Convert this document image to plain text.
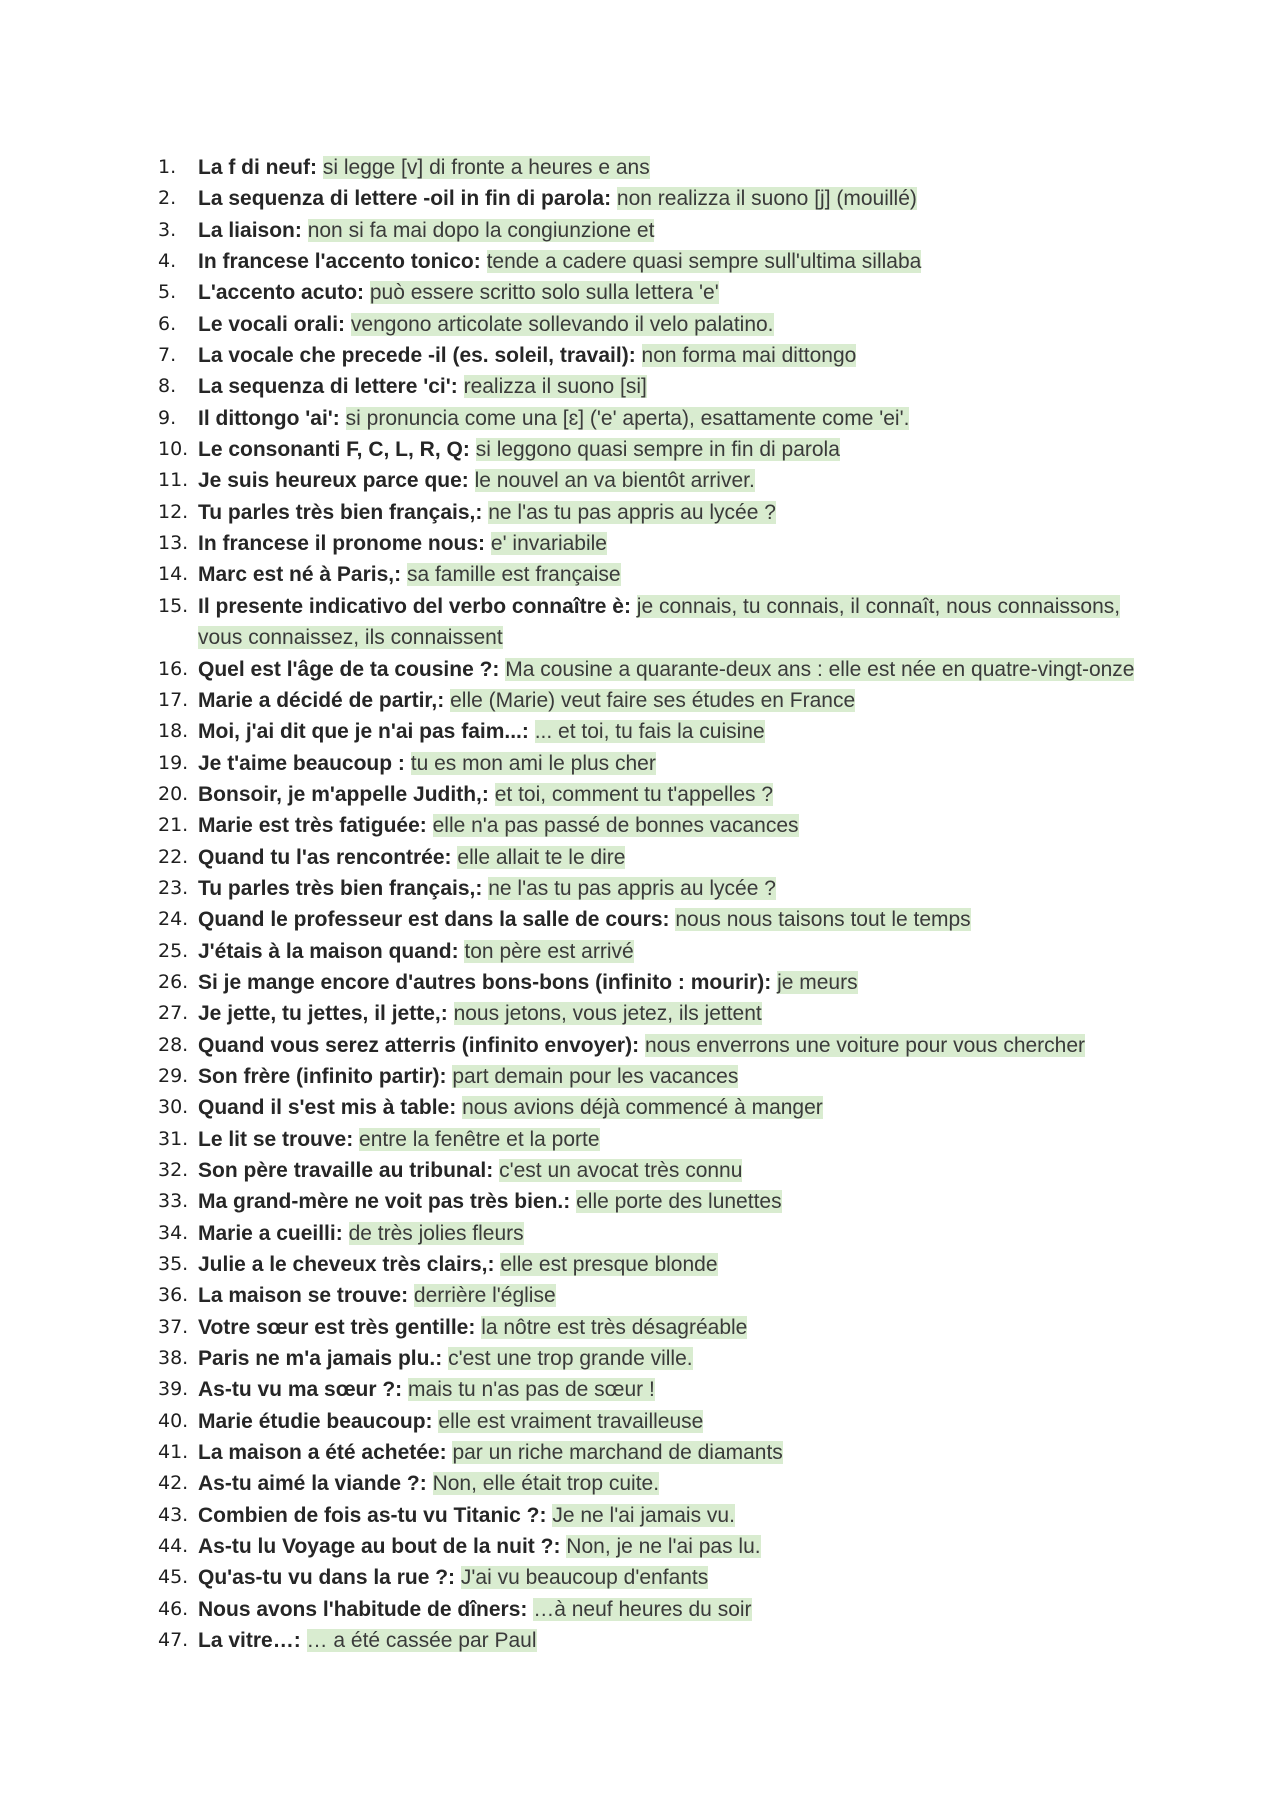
1.	La f di neuf: si legge [v] di fronte a heures e ans
2.	La sequenza di lettere -oil in fin di parola: non realizza il suono [j] (mouillé)
3.	La liaison: non si fa mai dopo la congiunzione et
4.	In francese l'accento tonico: tende a cadere quasi sempre sull'ultima sillaba
5.	L'accento acuto: può essere scritto solo sulla lettera 'e'
6.	Le vocali orali: vengono articolate sollevando il velo palatino.
7.	La vocale che precede -il (es. soleil, travail): non forma mai dittongo
8.	La sequenza di lettere 'ci': realizza il suono [si]
9.	Il dittongo 'ai': si pronuncia come una [ɛ] ('e' aperta), esattamente come 'ei'.
10. Le consonanti F, C, L, R, Q: si leggono quasi sempre in fin di parola
11. Je suis heureux parce que: le nouvel an va bientôt arriver.
12. Tu parles très bien français,: ne l'as tu pas appris au lycée ?
13. In francese il pronome nous: e' invariabile
14. Marc est né à Paris,: sa famille est française
15. Il presente indicativo del verbo connaître è: je connais, tu connais, il connaît, nous connaissons, vous connaissez, ils connaissent
16. Quel est l'âge de ta cousine ?: Ma cousine a quarante-deux ans : elle est née en quatre-vingt-onze
17. Marie a décidé de partir,: elle (Marie) veut faire ses études en France
18. Moi, j'ai dit que je n'ai pas faim...: ... et toi, tu fais la cuisine
19. Je t'aime beaucoup : tu es mon ami le plus cher
20. Bonsoir, je m'appelle Judith,: et toi, comment tu t'appelles ?
21. Marie est très fatiguée: elle n'a pas passé de bonnes vacances
22. Quand tu l'as rencontrée: elle allait te le dire
23. Tu parles très bien français,: ne l'as tu pas appris au lycée ?
24. Quand le professeur est dans la salle de cours: nous nous taisons tout le temps
25. J'étais à la maison quand: ton père est arrivé
26. Si je mange encore d'autres bons-bons (infinito : mourir): je meurs
27. Je jette, tu jettes, il jette,: nous jetons, vous jetez, ils jettent
28. Quand vous serez atterris (infinito envoyer): nous enverrons une voiture pour vous chercher
29. Son frère (infinito partir): part demain pour les vacances
30. Quand il s'est mis à table: nous avions déjà commencé à manger
31. Le lit se trouve: entre la fenêtre et la porte
32. Son père travaille au tribunal: c'est un avocat très connu
33. Ma grand-mère ne voit pas très bien.: elle porte des lunettes
34. Marie a cueilli: de très jolies fleurs
35. Julie a le cheveux très clairs,: elle est presque blonde
36. La maison se trouve: derrière l'église
37. Votre sœur est très gentille: la nôtre est très désagréable
38. Paris ne m'a jamais plu.: c'est une trop grande ville.
39. As-tu vu ma sœur ?: mais tu n'as pas de sœur !
40. Marie étudie beaucoup: elle est vraiment travailleuse
41. La maison a été achetée: par un riche marchand de diamants
42. As-tu aimé la viande ?: Non, elle était trop cuite.
43. Combien de fois as-tu vu Titanic ?: Je ne l'ai jamais vu.
44. As-tu lu Voyage au bout de la nuit ?: Non, je ne l'ai pas lu.
45. Qu'as-tu vu dans la rue ?: J'ai vu beaucoup d'enfants
46. Nous avons l'habitude de dîners: …à neuf heures du soir
47. La vitre…: … a été cassée par Paul
